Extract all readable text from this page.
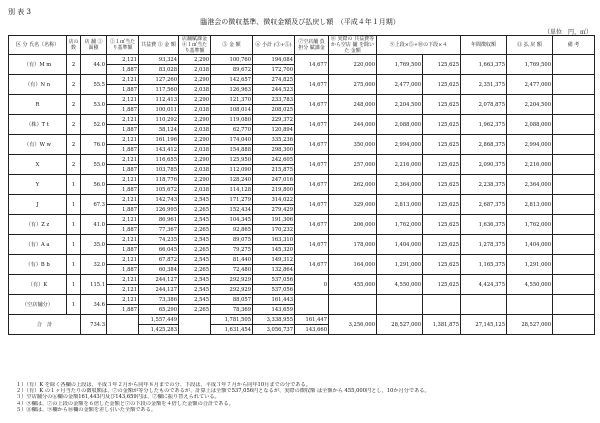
別 表 3
臨港会の徴収基準、徴収金額及び払戻し額　（平成４年１月期）
（単位　円、㎡）
区 分 氏名（名称）	店の数	店 舗 ① 面積	②１㎡当た り基準額	共益費 ③ 金 額	店舗賦課金 ④１㎡当た り基準額	⑤ 金 額	⑥ 小計 (③+⑤)	⑦空店舗 負担分 賦課金	⑧ 実際の 共益費等 から空店 舗 を除いた 金額	⑨上段×⑤+⑩の下段×４		年間徴収額	⑪ 払 戻 額	備 考
（有）M m	2	44.0	2,121	93,324	2,290	100,760	194,084	14,677	220,000	1,769,500	125,625	1,663,375	1,769,500	
			1,887	83,028	2,038	89,672	172,700							
（有）N n	2	55.5	2,121	127,260	2,290	142,657	274,825	14,677	275,000	2,477,000	125,625	2,351,375	2,477,000	
			1,887	117,560	2,038	126,963	244,523							
R	2	53.0	2,121	112,413	2,290	121,370	233,783	14,677	248,000	2,204,500	125,625	2,078,875	2,204,500	
			1,887	100,011	2,038	108,014	208,025							
（株）T t	2	52.0	2,121	110,292	2,290	119,080	229,372	14,677	244,000	2,088,000	125,625	1,962,375	2,088,000	
			1,887	58,124	2,038	62,770	120,894							
（有）W w	2	76.0	2,121	161,196	2,290	174,040	335,236	14,677	350,000	2,994,000	125,625	2,868,375	2,994,000	
			1,887	143,412	2,038	154,888	298,300							
X	2	55.0	2,121	116,655	2,290	125,950	242,605	14,677	257,000	2,216,000	125,625	2,090,375	2,216,000	
			1,887	103,785	2,038	112,090	215,875							
Y	1	56.0	2,121	118,776	2,290	128,240	247,016	14,677	262,000	2,364,000	125,625	2,238,375	2,364,000	
			1,887	105,672	2,038	114,128	219,800							
J	1	67.3	2,121	142,743	2,545	171,279	314,022	14,677	329,000	2,813,000	125,625	2,687,375	2,813,000	
			1,887	126,995	2,265	152,434	279,429							
（有）Z z	1	41.0	2,121	86,961	2,545	104,345	191,306	14,677	206,000	1,762,000	125,625	1,636,375	1,762,000	
			1,887	77,367	2,265	92,865	170,232							
（有）A a	1	35.0	2,121	74,235	2,545	89,075	163,310	14,677	178,000	1,404,000	125,625	1,278,375	1,404,000	
			1,887	66,045	2,265	79,275	145,320							
（有）B b	1	32.0	2,121	67,872	2,545	81,440	149,312	14,677	164,000	1,291,000	125,625	1,165,375	1,291,000	
			1,887	60,384	2,265	72,480	132,864							
（有）K	1	115.1	2,121	244,127	2,545	292,929	537,056	0	455,000	4,550,000	125,625	4,424,375	4,550,000	
			2,121	244,127	2,545	292,929	537,056							
（空店舗分）	1	34.6	2,121	73,386	2,545	88,057	161,443							
			1,887	65,290	2,265	78,369	143,659							
合　計		734.3		1,557,449		1,781,505	3,338,955	161,447	3,256,000	28,527,000	1,381,875	27,145,125	28,527,000	
				1,425,283		1,631,454	3,056,737	143,660						
１）（有）K を除く各欄の上段は、平成３年２月から同年８月までの分、下段は、平成３年７月から同年10月までの分である。
２）（有）K の１ヶ月当たりの徴収額は、⑦の金額が等分したものであるが、計算上は全額で537,056円となるが、実際の徴収額 は全額から 455,000円とし、10か月分である。
３）空店舗分の⑥欄の金額161,443円及び143,659円は、⑦欄に振り替えられている。
４）⑨欄は、⑦の上段の金額を６倍した金額と⑦の下段の金額を４倍した金額の合計である。
５）⑪欄は、⑨欄から⑩欄の金額を差し引いた全額である。
